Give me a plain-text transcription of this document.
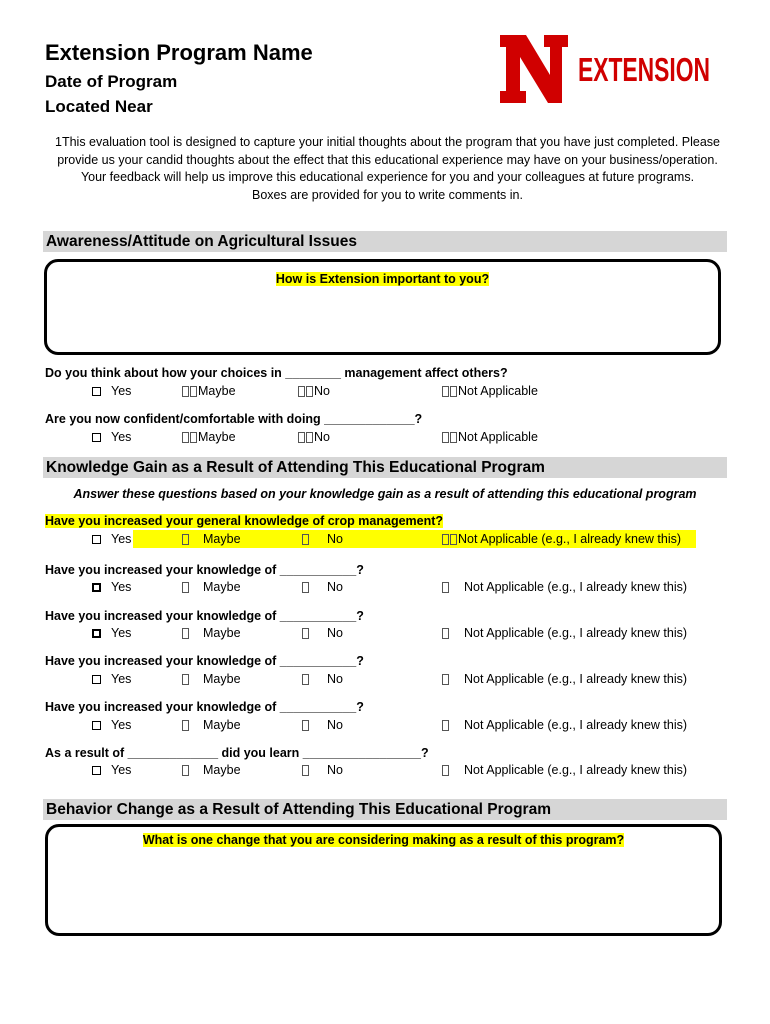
Extension Program Name
Date of Program
Located Near
EXTENSION
1This evaluation tool is designed to capture your initial thoughts about the program that you have just completed. Please provide us your candid thoughts about the effect that this educational experience may have on your business/operation. Your feedback will help us improve this educational experience for you and your colleagues at future programs.
Boxes are provided for you to write comments in.
Awareness/Attitude on Agricultural Issues
How is Extension important to you?
Do you think about how your choices in ________ management affect others?
Yes	Maybe	No	Not Applicable
Are you now confident/comfortable with doing _____________?
Yes	Maybe	No	Not Applicable
Knowledge Gain as a Result of Attending This Educational Program
Answer these questions based on your knowledge gain as a result of attending this educational program
Have you increased your general knowledge of crop management?
Yes	Maybe	No	Not Applicable (e.g., I already knew this)
Have you increased your knowledge of ___________?
Yes	Maybe	No	Not Applicable (e.g., I already knew this)
Have you increased your knowledge of ___________?
Yes	Maybe	No	Not Applicable (e.g., I already knew this)
Have you increased your knowledge of ___________?
Yes	Maybe	No	Not Applicable (e.g., I already knew this)
Have you increased your knowledge of ___________?
Yes	Maybe	No	Not Applicable (e.g., I already knew this)
As a result of _____________ did you learn _________________?
Yes	Maybe	No	Not Applicable (e.g., I already knew this)
Behavior Change as a Result of Attending This Educational Program
What is one change that you are considering making as a result of this program?
